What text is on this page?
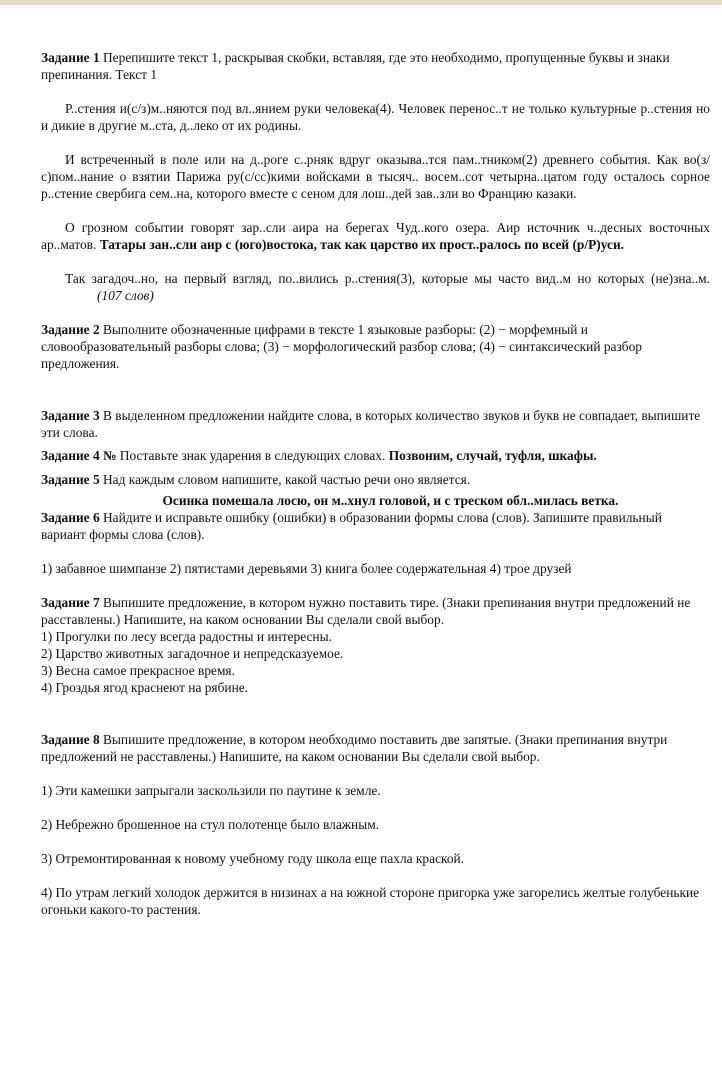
Задание 1 Перепишите текст 1, раскрывая скобки, вставляя, где это необходимо, пропущенные буквы и знаки препинания. Текст 1

Р..стения и(с/з)м..няются под вл..янием руки человека(4). Человек перенос..т не только культурные р..стения но и дикие в другие м..ста, д..леко от их родины.

И встреченный в поле или на д..роге с..рняк вдруг оказыва..тся пам..тником(2) древнего события. Как во(з/с)пом..нание о взятии Парижа ру(с/сс)кими войсками в тысяч.. восем..сот четырна..цатом году осталось сорное р..стение свербига сем..на, которого вместе с сеном для лош..дей зав..зли во Францию казаки.

О грозном событии говорят зар..сли аира на берегах Чуд..кого озера. Аир источник ч..десных восточных ар..матов. Татары зан..сли аир с (юго)востока, так как царство их прост..ралось по всей (р/Р)уси.

Так загадоч..но, на первый взгляд, по..вились р..стения(3), которые мы часто вид..м но которых (не)зна..м.(107 слов)

Задание 2 Выполните обозначенные цифрами в тексте 1 языковые разборы: (2) − морфемный и словообразовательный разборы слова; (3) − морфологический разбор слова; (4) − синтаксический разбор предложения.

Задание 3 В выделенном предложении найдите слова, в которых количество звуков и букв не совпадает, выпишите эти слова.

Задание 4 № Поставьте знак ударения в следующих словах. Позвоним, случай, туфля, шкафы.

Задание 5 Над каждым словом напишите, какой частью речи оно является.

Осинка помешала лосю, он м..хнул головой, и с треском обл..милась ветка.

Задание 6 Найдите и исправьте ошибку (ошибки) в образовании формы слова (слов). Запишите правильный вариант формы слова (слов).

1) забавное шимпанзе 2) пятистами деревьями 3) книга более содержательная 4) трое друзей

Задание 7 Выпишите предложение, в котором нужно поставить тире. (Знаки препинания внутри предложений не расставлены.) Напишите, на каком основании Вы сделали свой выбор.

1) Прогулки по лесу всегда радостны и интересны.

2) Царство животных загадочное и непредсказуемое.

3) Весна самое прекрасное время.

4) Гроздья ягод краснеют на рябине.

Задание 8 Выпишите предложение, в котором необходимо поставить две запятые. (Знаки препинания внутри предложений не расставлены.) Напишите, на каком основании Вы сделали свой выбор.

1) Эти камешки запрыгали заскользили по паутине к земле.

2) Небрежно брошенное на стул полотенце было влажным.

3) Отремонтированная к новому учебному году школа еще пахла краской.

4) По утрам легкий холодок держится в низинах а на южной стороне пригорка уже загорелись желтые голубенькие огоньки какого-то растения.
